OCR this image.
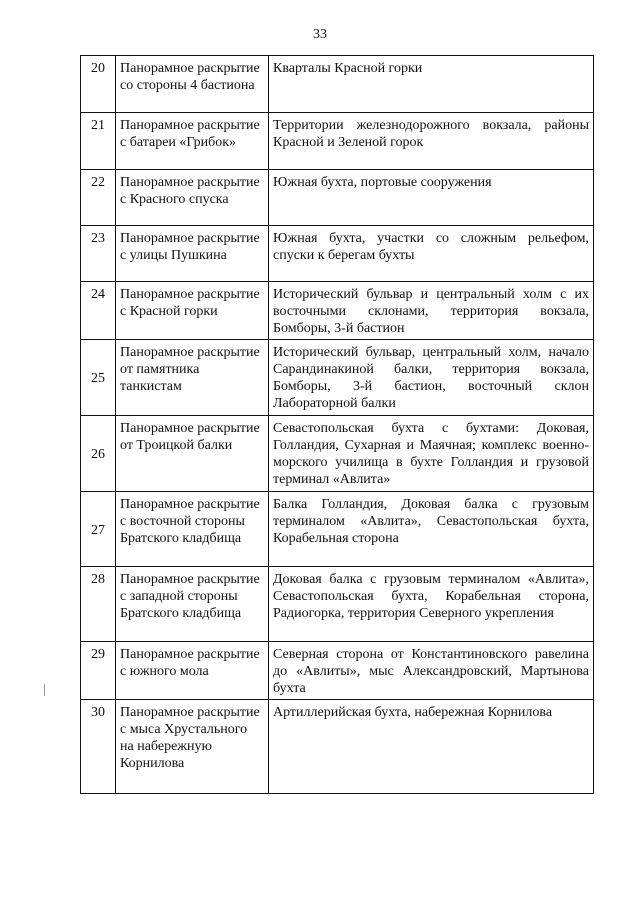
33
20	Панорамное раскрытие со стороны 4 бастиона	Кварталы Красной горки
21	Панорамное раскрытие с батареи «Грибок»	Территории железнодорожного вокзала, районы Красной и Зеленой горок
22	Панорамное раскрытие с Красного спуска	Южная бухта, портовые сооружения
23	Панорамное раскрытие с улицы Пушкина	Южная бухта, участки со сложным рельефом, спуски к берегам бухты
24	Панорамное раскрытие с Красной горки	Исторический бульвар и центральный холм с их восточными склонами, территория вокзала, Бомборы, 3-й бастион
25	Панорамное раскрытие от памятника танкистам	Исторический бульвар, центральный холм, начало Сарандинакиной балки, территория вокзала, Бомборы, 3-й бастион, восточный склон Лабораторной балки
26	Панорамное раскрытие от Троицкой балки	Севастопольская бухта с бухтами: Доковая, Голландия, Сухарная и Маячная; комплекс военно-морского училища в бухте Голландия и грузовой терминал «Авлита»
27	Панорамное раскрытие с восточной стороны Братского кладбища	Балка Голландия, Доковая балка с грузовым терминалом «Авлита», Севастопольская бухта, Корабельная сторона
28	Панорамное раскрытие с западной стороны Братского кладбища	Доковая балка с грузовым терминалом «Авлита», Севастопольская бухта, Корабельная сторона, Радиогорка, территория Северного укрепления
29	Панорамное раскрытие с южного мола	Северная сторона от Константиновского равелина до «Авлиты», мыс Александровский, Мартынова бухта
30	Панорамное раскрытие с мыса Хрустального на набережную Корнилова	Артиллерийская бухта, набережная Корнилова
